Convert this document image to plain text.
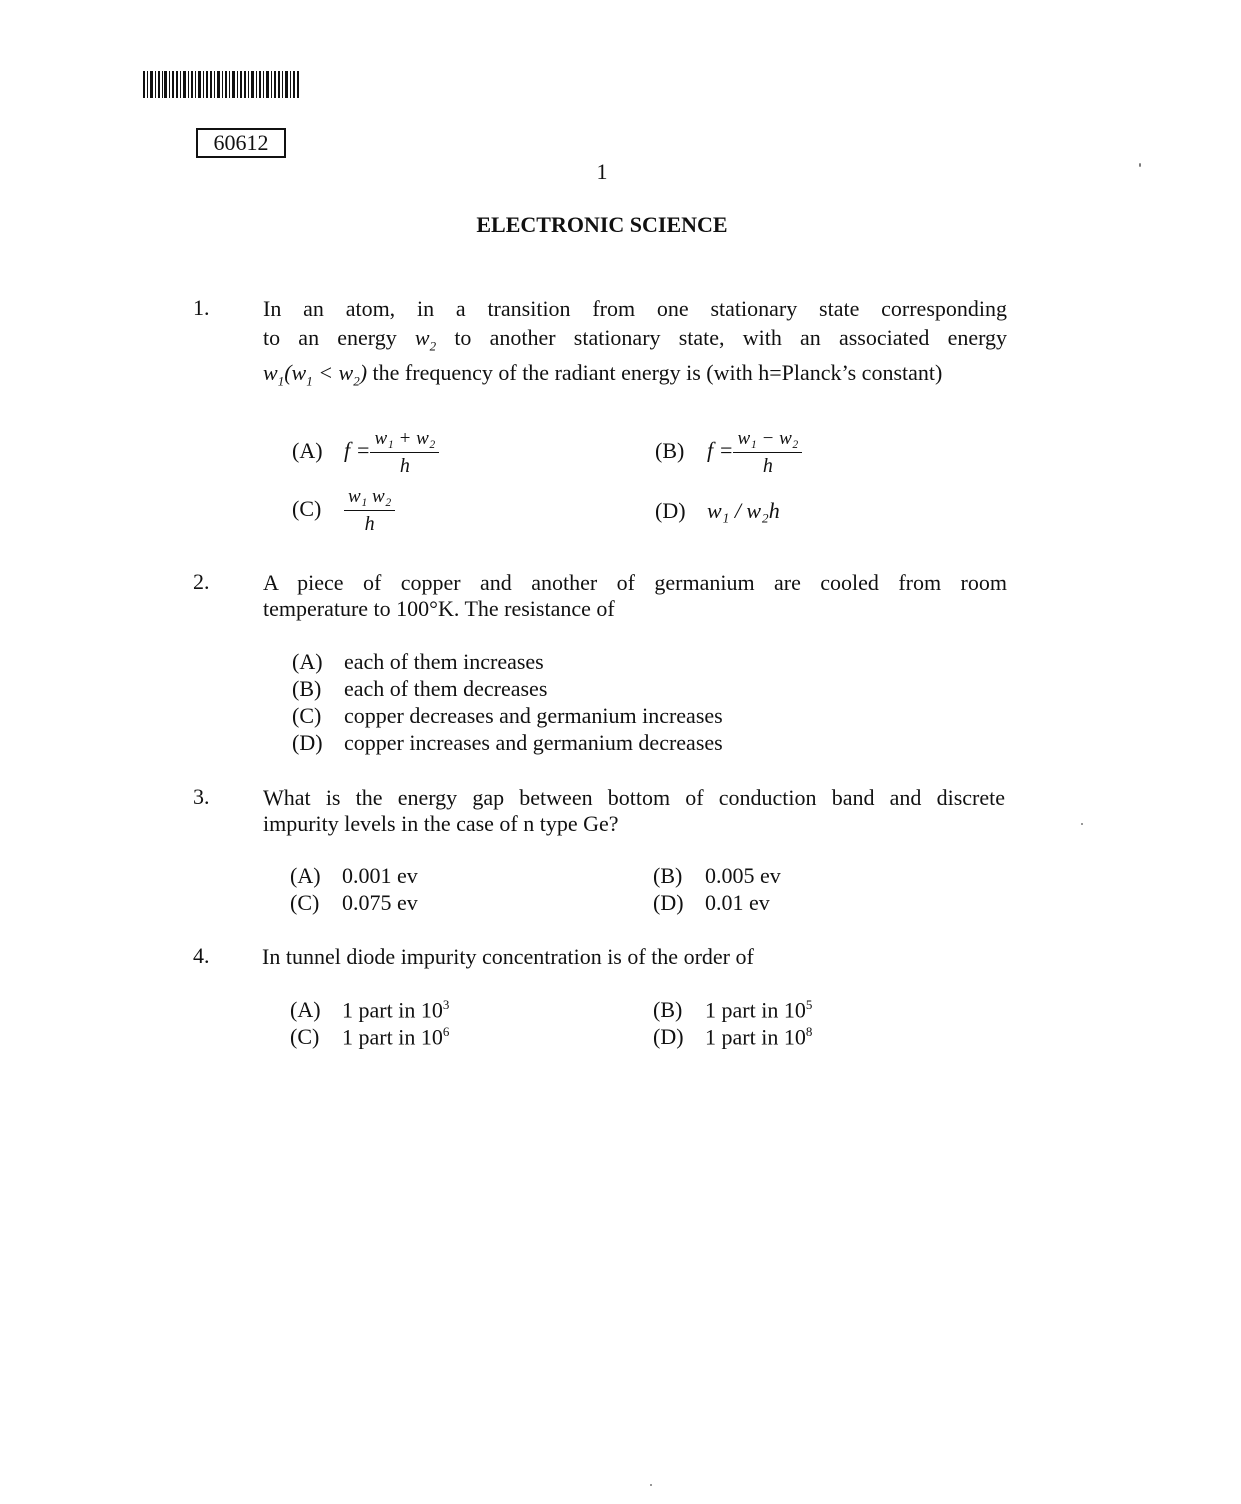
60612
1
ELECTRONIC SCIENCE
1. In an atom, in a transition from one stationary state corresponding
to an energy $w_2$ to another stationary state, with an associated energy
$w_1(w_1 < w_2)$ the frequency of the radiant energy is (with h=Planck’s constant)
(A) $f = \frac{\text{w₁ + w₂}}{h}$	(B) $f = \frac{\text{w₁ − w₂}}{h}$
$(C) \frac{\text{w₁ w₂}}{h}$	(D) w₁ / w₂h
2. A piece of copper and another of germanium are cooled from room
temperature to 100°K. The resistance of
(A) each of them increases
(B) each of them decreases
(C) copper decreases and germanium increases
(D) copper increases and germanium decreases
3. What is the energy gap between bottom of conduction band and discrete
impurity levels in the case of n type Ge?
(A) 0.001 ev	(B) 0.005 ev
(C) 0.075 ev	(D) 0.01 ev
4. In tunnel diode impurity concentration is of the order of
(A) 1 part in $10^3$	(B) 1 part in $10^5$
(C) 1 part in $10^6$	(D) 1 part in $10^8$
